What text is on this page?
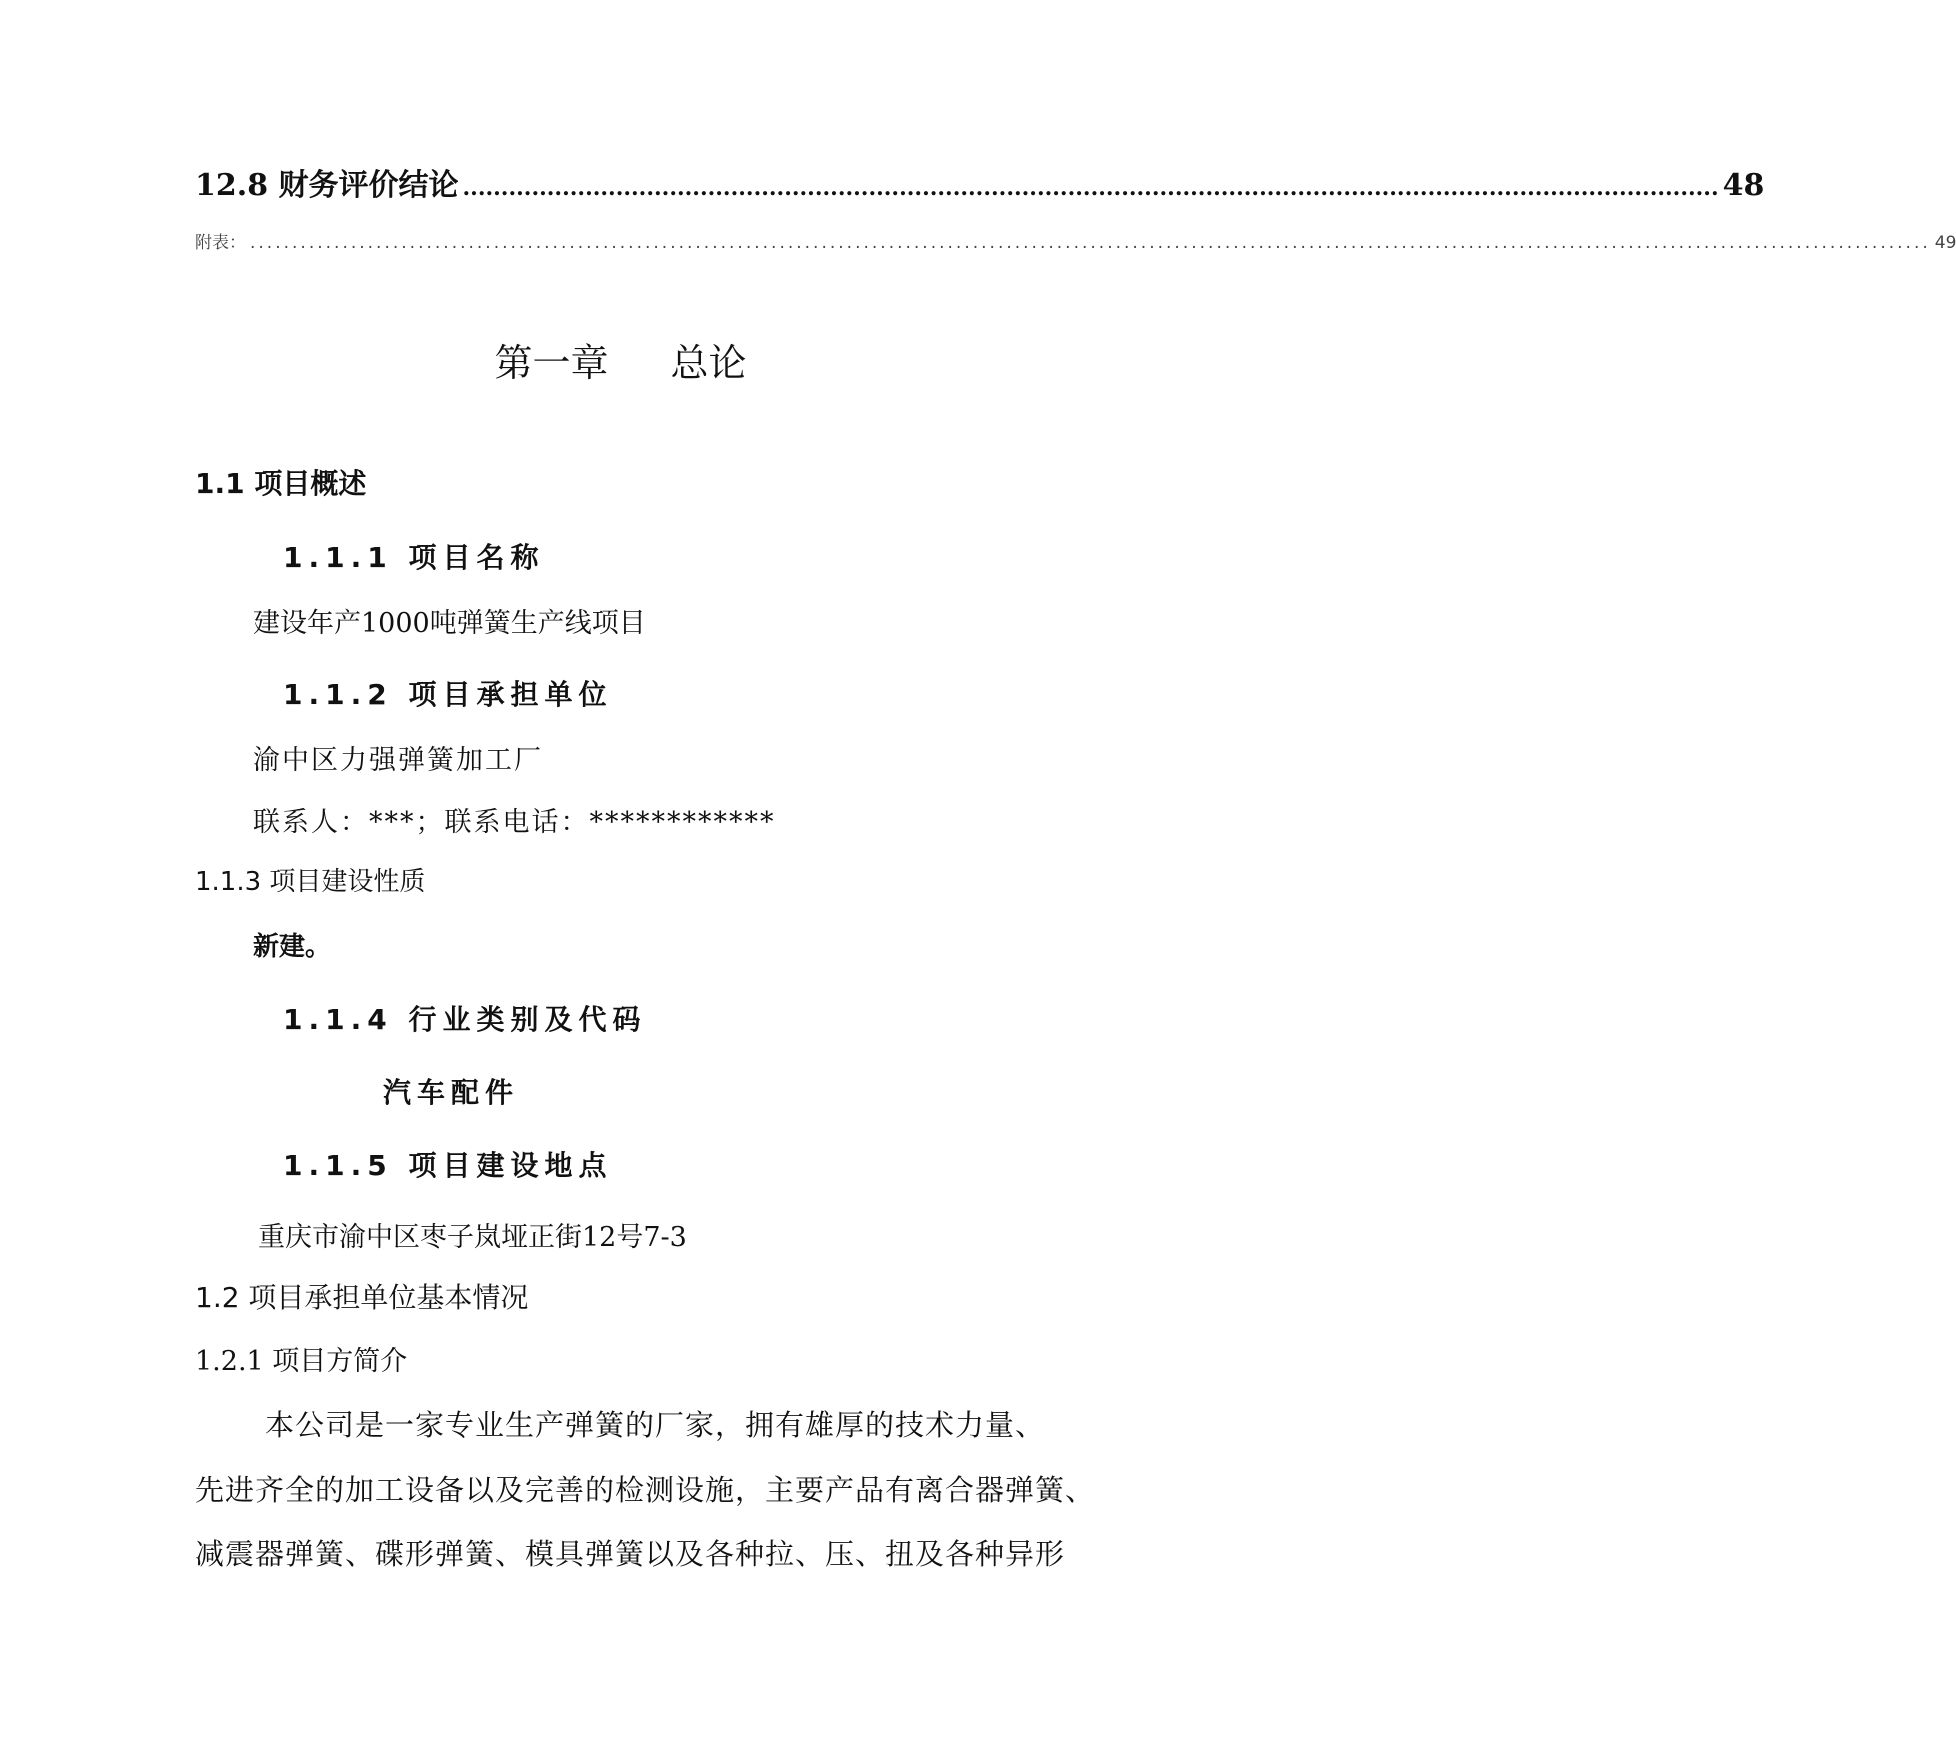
12.8 财务评价结论 .................................................................................................................................................................... 48
附表： ........................................................................................................................................................................................................ 49
第一章 总论
1.1 项目概述
1.1.1 项目名称
建设年产1000吨弹簧生产线项目
1.1.2 项目承担单位
渝中区力强弹簧加工厂
联系人：***；联系电话：************
1.1.3 项目建设性质
新建。
1.1.4 行业类别及代码
汽车配件
1.1.5 项目建设地点
重庆市渝中区枣子岚垭正街12号7-3
1.2 项目承担单位基本情况
1.2.1 项目方简介
本公司是一家专业生产弹簧的厂家，拥有雄厚的技术力量、
先进齐全的加工设备以及完善的检测设施，主要产品有离合器弹簧、
减震器弹簧、碟形弹簧、模具弹簧以及各种拉、压、扭及各种异形
